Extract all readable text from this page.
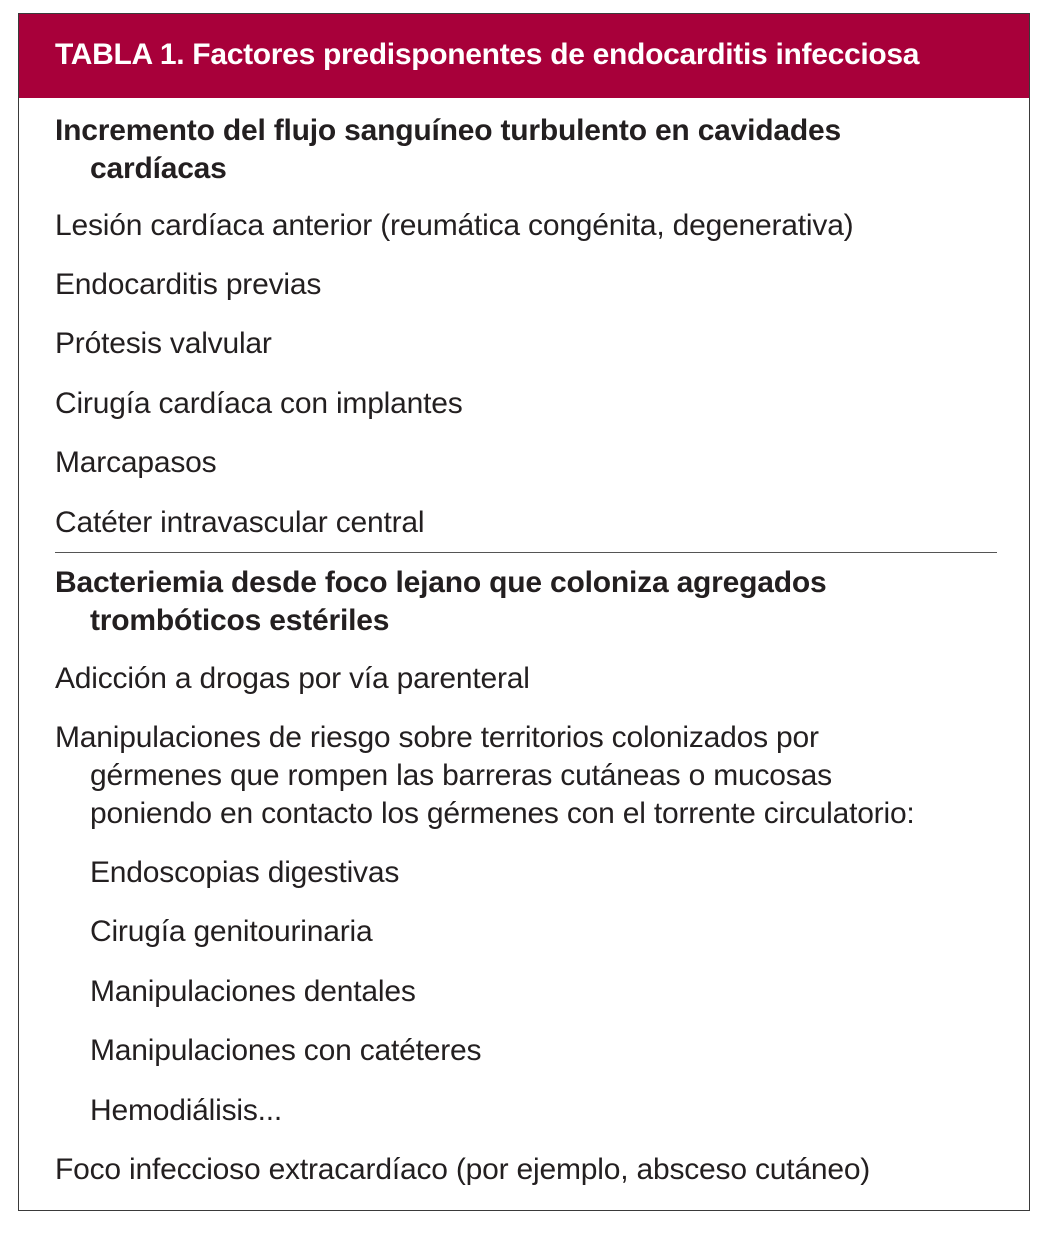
TABLA 1. Factores predisponentes de endocarditis infecciosa
Incremento del flujo sanguíneo turbulento en cavidades
cardíacas
Lesión cardíaca anterior (reumática congénita, degenerativa)
Endocarditis previas
Prótesis valvular
Cirugía cardíaca con implantes
Marcapasos
Catéter intravascular central
Bacteriemia desde foco lejano que coloniza agregados
trombóticos estériles
Adicción a drogas por vía parenteral
Manipulaciones de riesgo sobre territorios colonizados por
gérmenes que rompen las barreras cutáneas o mucosas
poniendo en contacto los gérmenes con el torrente circulatorio:
Endoscopias digestivas
Cirugía genitourinaria
Manipulaciones dentales
Manipulaciones con catéteres
Hemodiálisis...
Foco infeccioso extracardíaco (por ejemplo, absceso cutáneo)
